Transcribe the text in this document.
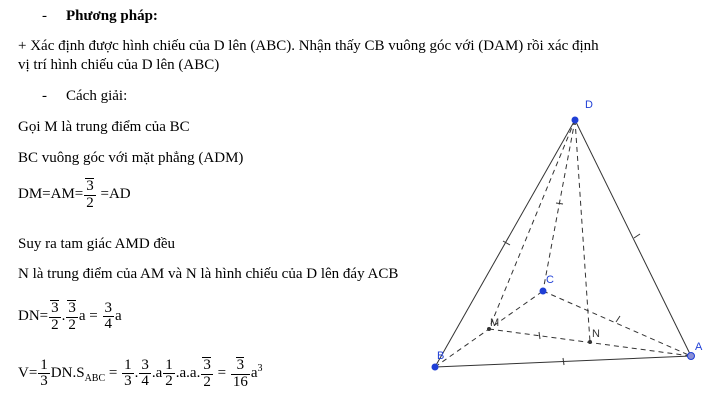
- Phương pháp:
+ Xác định được hình chiếu của D lên (ABC). Nhận thấy CB vuông góc với (DAM) rồi xác định
vị trí hình chiếu của D lên (ABC)
- Cách giải:
Gọi M là trung điểm của BC
BC vuông góc với mặt phẳng (ADM)
$DM=AM= \frac{3}{2} =AD$
Suy ra tam giác AMD đều
N là trung điểm của AM và N là hình chiếu của D lên đáy ACB
$DN= \frac{3}{2}$ . $\frac{3}{2}$ $a = \frac{3}{4}$ a
$V= \frac{1}{3} DN.S_{ABC} = \frac{1}{3}$ . $\frac{3}{4} .a \frac{1}{2} .a.a$. $\frac{3}{2} = \frac{3}{16} a^3$
D
B
A
C
M
N
